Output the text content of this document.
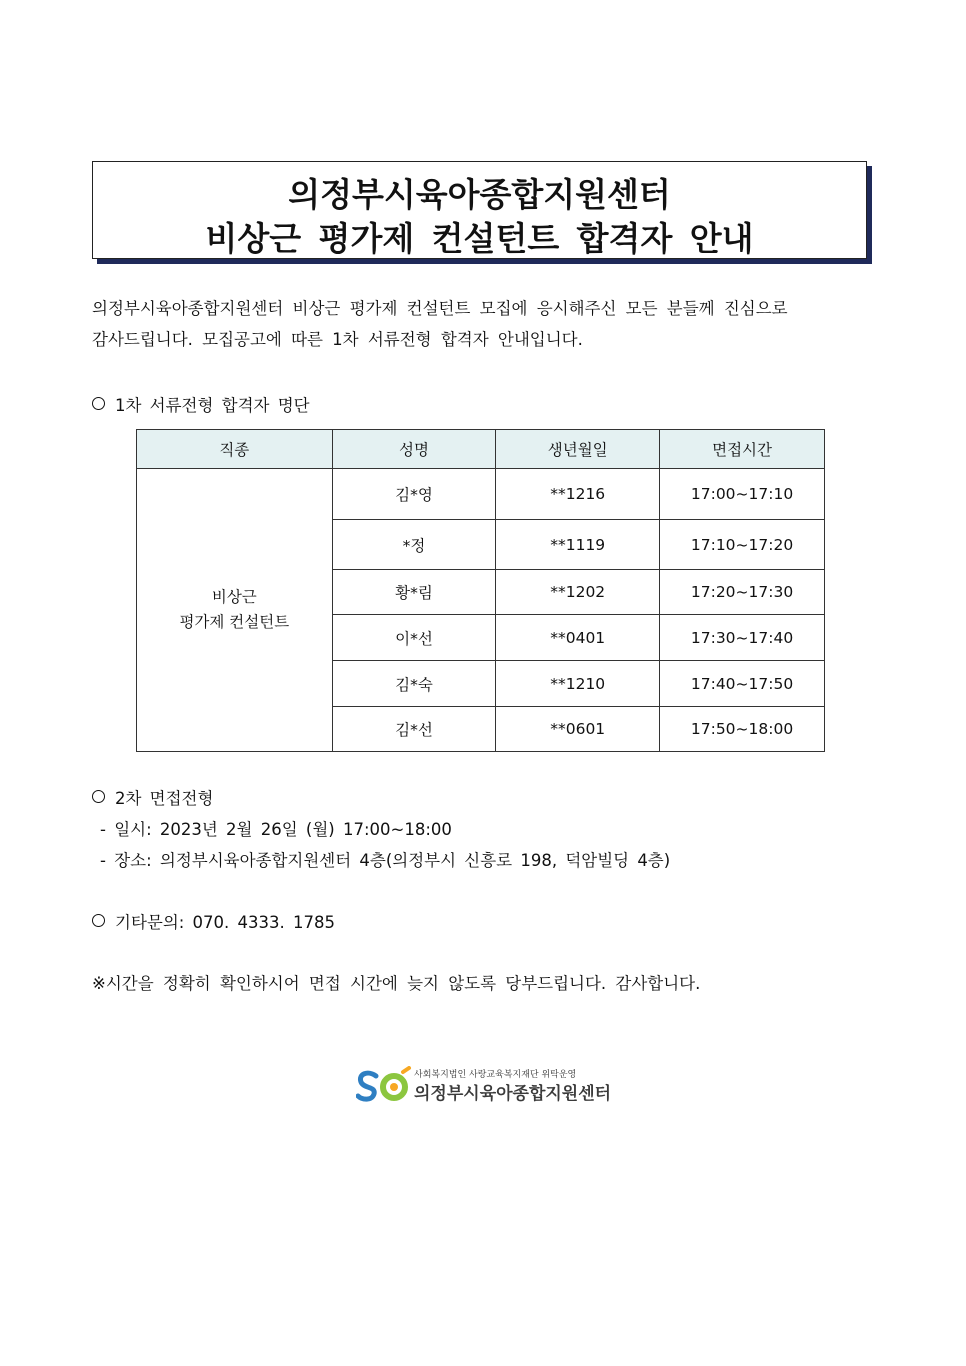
의정부시육아종합지원센터
비상근 평가제 컨설턴트 합격자 안내
의정부시육아종합지원센터 비상근 평가제 컨설턴트 모집에 응시해주신 모든 분들께 진심으로
감사드립니다. 모집공고에 따른 1차 서류전형 합격자 안내입니다.
1차 서류전형 합격자 명단
직종	성명	생년월일	면접시간

비상근
평가제 컨설턴트	김*영	**1216	17:00~17:10
	*정	**1119	17:10~17:20
	황*림	**1202	17:20~17:30
	이*선	**0401	17:30~17:40
	김*숙	**1210	17:40~17:50
	김*선	**0601	17:50~18:00
2차 면접전형
- 일시: 2023년 2월 26일 (월) 17:00~18:00
- 장소: 의정부시육아종합지원센터 4층(의정부시 신흥로 198, 덕암빌딩 4층)
기타문의: 070. 4333. 1785
※시간을 정확히 확인하시어 면접 시간에 늦지 않도록 당부드립니다. 감사합니다.
사회복지법인 사랑교육복지재단 위탁운영
의정부시육아종합지원센터
